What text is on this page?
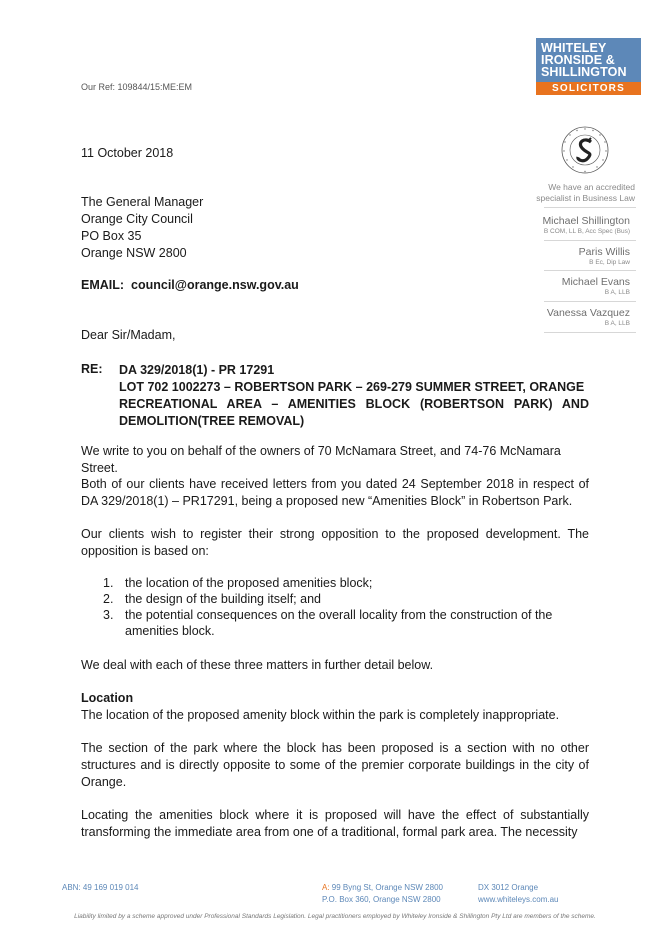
WHITELEY
IRONSIDE &
SHILLINGTON
SOLICITORS
We have an accredited specialist in Business Law
Michael Shillington
B COM, LL B, Acc Spec (Bus)
Paris Willis
B Ec, Dip Law
Michael Evans
B A, LLB
Vanessa Vazquez
B A, LLB
Our Ref: 109844/15:ME:EM
11 October 2018
The General Manager
Orange City Council
PO Box 35
Orange NSW 2800
EMAIL: council@orange.nsw.gov.au
Dear Sir/Madam,
RE: DA 329/2018(1) - PR 17291
LOT 702 1002273 – ROBERTSON PARK – 269-279 SUMMER STREET, ORANGE
RECREATIONAL AREA – AMENITIES BLOCK (ROBERTSON PARK) AND
DEMOLITION(TREE REMOVAL)
We write to you on behalf of the owners of 70 McNamara Street, and 74-76 McNamara Street.
Both of our clients have received letters from you dated 24 September 2018 in respect of DA 329/2018(1) – PR17291, being a proposed new “Amenities Block” in Robertson Park.
Our clients wish to register their strong opposition to the proposed development. The opposition is based on:
1. the location of the proposed amenities block;
2. the design of the building itself; and
3. the potential consequences on the overall locality from the construction of the amenities block.
We deal with each of these three matters in further detail below.
Location
The location of the proposed amenity block within the park is completely inappropriate.
The section of the park where the block has been proposed is a section with no other structures and is directly opposite to some of the premier corporate buildings in the city of Orange.
Locating the amenities block where it is proposed will have the effect of substantially transforming the immediate area from one of a traditional, formal park area. The necessity
ABN: 49 169 019 014	A: 99 Byng St, Orange NSW 2800
P.O. Box 360, Orange NSW 2800
DX 3012 Orange
www.whiteleys.com.au
Liability limited by a scheme approved under Professional Standards Legislation. Legal practitioners employed by Whiteley Ironside & Shillington Pty Ltd are members of the scheme.
